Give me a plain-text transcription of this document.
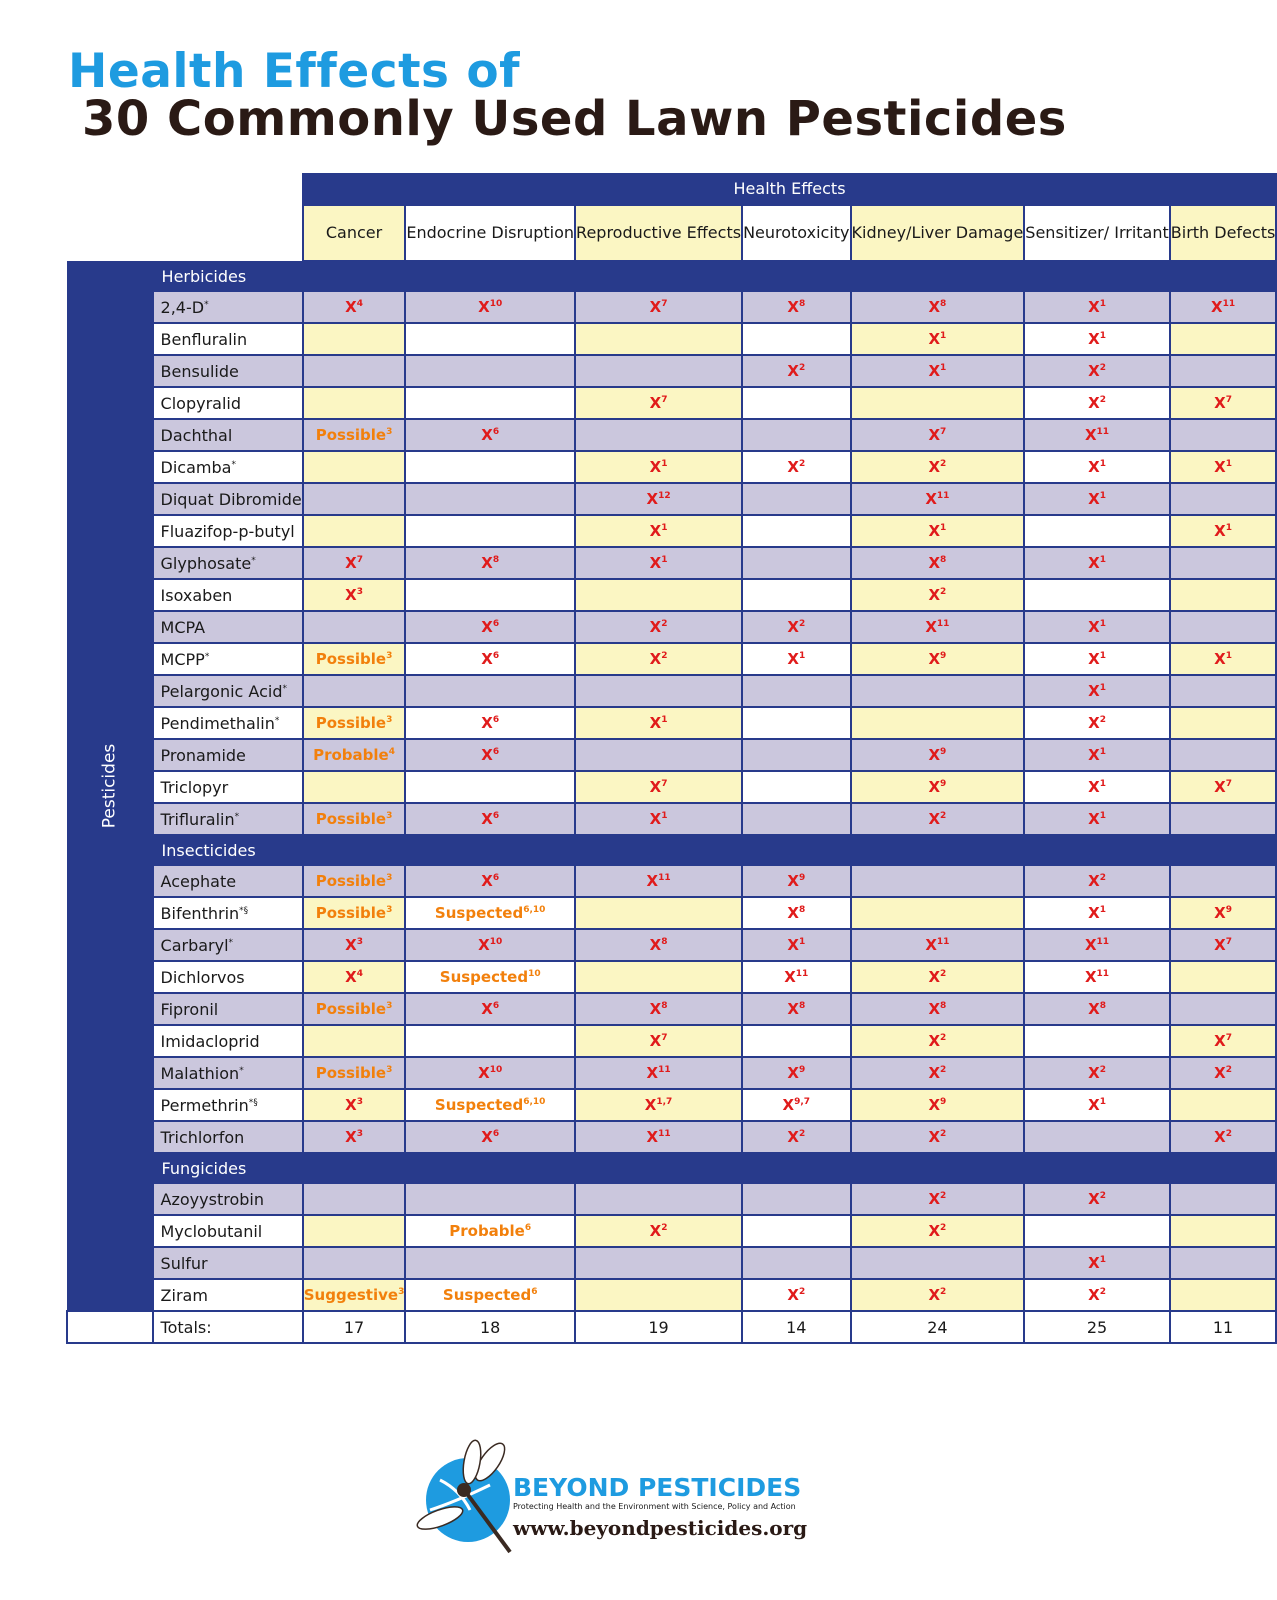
Health Effects of
30 Commonly Used Lawn Pesticides
		Health Effects						
		Cancer	Endocrine Disruption	Reproductive Effects	Neurotoxicity	Kidney/Liver Damage	Sensitizer/ Irritant	Birth Defects
Pesticides	Herbicides							
	2,4-D*	$X^4$	$X^{10}$	$X^7$	$X^8$	$X^8$	$X^1$	$X^{11}$
	Benfluralin					$X^1$	$X^1$	
	Bensulide				$X^2$	$X^1$	$X^2$	
	Clopyralid			$X^7$			$X^2$	$X^7$
	Dachthal	Possible$^3$	$X^6$			$X^7$	$X^{11}$	
	Dicamba*			$X^1$	$X^2$	$X^2$	$X^1$	$X^1$
	Diquat Dibromide			$X^{12}$		$X^{11}$	$X^1$	
	Fluazifop-p-butyl			$X^1$		$X^1$		$X^1$
	Glyphosate*	$X^7$	$X^8$	$X^1$		$X^8$	$X^1$	
	Isoxaben	$X^3$				$X^2$		
	MCPA		$X^6$	$X^2$	$X^2$	$X^{11}$	$X^1$	
	MCPP*	Possible$^3$	$X^6$	$X^2$	$X^1$	$X^9$	$X^1$	$X^1$
	Pelargonic Acid*						$X^1$	
	Pendimethalin*	Possible$^3$	$X^6$	$X^1$			$X^2$	
	Pronamide	Probable$^4$	$X^6$			$X^9$	$X^1$	
	Triclopyr			$X^7$		$X^9$	$X^1$	$X^7$
	Trifluralin*	Possible$^3$	$X^6$	$X^1$		$X^2$	$X^1$	
	Insecticides							
	Acephate	Possible$^3$	$X^6$	$X^{11}$	$X^9$		$X^2$	
	Bifenthrin*§	Possible$^3$	Suspected$^{6,10}$		$X^8$		$X^1$	$X^9$
	Carbaryl*	$X^3$	$X^{10}$	$X^8$	$X^1$	$X^{11}$	$X^{11}$	$X^7$
	Dichlorvos	$X^4$	Suspected$^{10}$		$X^{11}$	$X^2$	$X^{11}$	
	Fipronil	Possible$^3$	$X^6$	$X^8$	$X^8$	$X^8$	$X^8$	
	Imidacloprid			$X^7$		$X^2$		$X^7$
	Malathion*	Possible$^3$	$X^{10}$	$X^{11}$	$X^9$	$X^2$	$X^2$	$X^2$
	Permethrin*§	$X^3$	Suspected$^{6,10}$	X$^{1,7}$	X$^{9,7}$	$X^9$	$X^1$	
	Trichlorfon	$X^3$	$X^6$	$X^{11}$	$X^2$	$X^2$		$X^2$
	Fungicides							
	Azoyystrobin					$X^2$	$X^2$	
	Myclobutanil		Probable$^6$	$X^2$		$X^2$		
	Sulfur						$X^1$	
	Ziram	Suggestive$^3$	Suspected$^6$		$X^2$	$X^2$	$X^2$	
	Totals:	17	18	19	14	24	25	11
BEYOND PESTICIDES
Protecting Health and the Environment with Science, Policy and Action
www.beyondpesticides.org
